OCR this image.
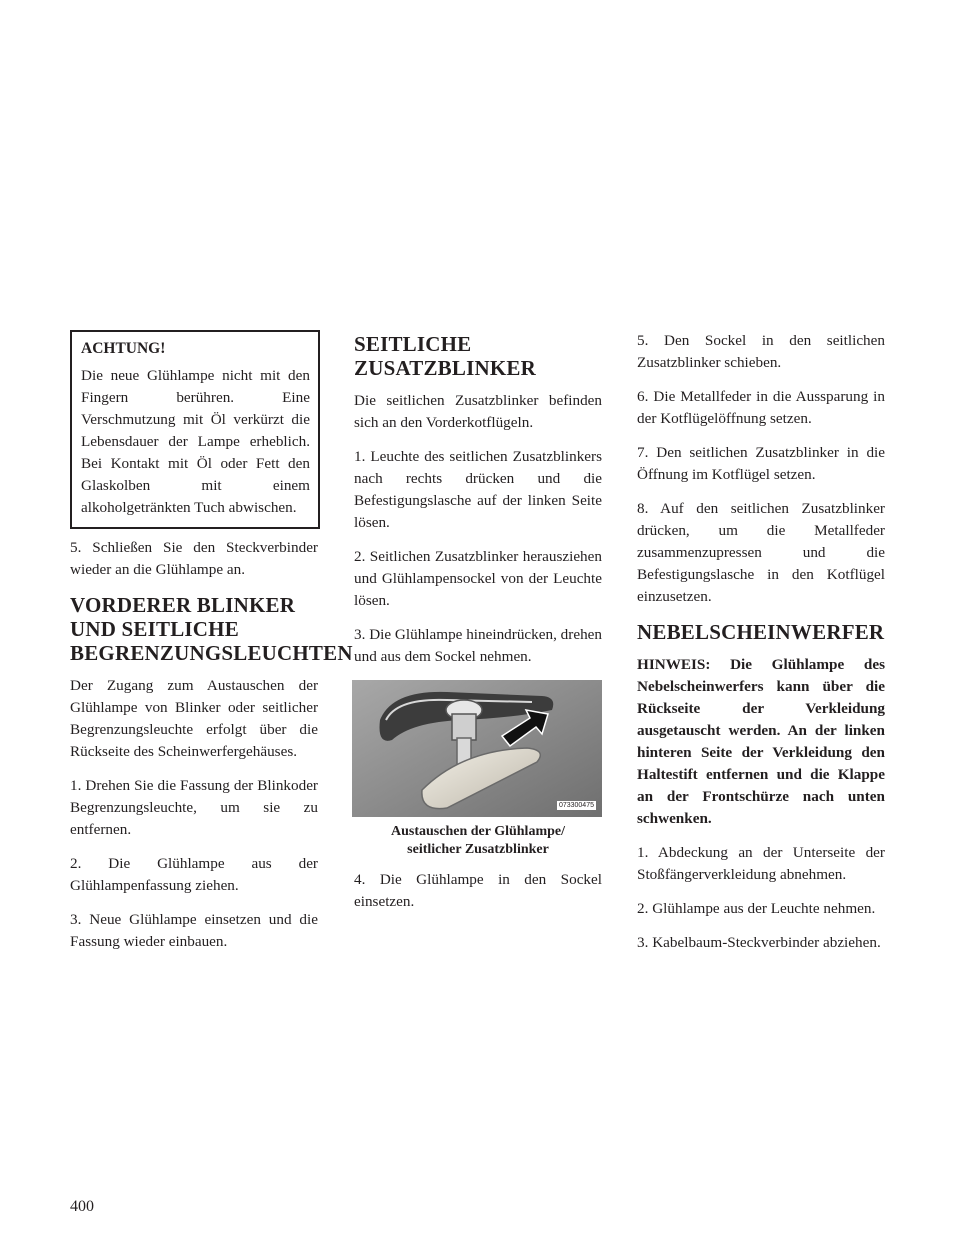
ACHTUNG!

Die neue Glühlampe nicht mit den Fingern berühren. Eine Verschmutzung mit Öl verkürzt die Lebensdauer der Lampe erheblich. Bei Kontakt mit Öl oder Fett den Glaskolben mit einem alkoholgetränkten Tuch abwischen.

5. Schließen Sie den Steckverbinder wieder an die Glühlampe an.

VORDERER BLINKER UND SEITLICHE BEGRENZUNGSLEUCHTEN

Der Zugang zum Austauschen der Glühlampe von Blinker oder seitlicher Begrenzungsleuchte erfolgt über die Rückseite des Scheinwerfergehäuses.

1. Drehen Sie die Fassung der Blinkoder Begrenzungsleuchte, um sie zu entfernen.

2. Die Glühlampe aus der Glühlampenfassung ziehen.

3. Neue Glühlampe einsetzen und die Fassung wieder einbauen.

SEITLICHE ZUSATZBLINKER

Die seitlichen Zusatzblinker befinden sich an den Vorderkotflügeln.

1. Leuchte des seitlichen Zusatzblinkers nach rechts drücken und die Befestigungslasche auf der linken Seite lösen.

2. Seitlichen Zusatzblinker herausziehen und Glühlampensockel von der Leuchte lösen.

3. Die Glühlampe hineindrücken, drehen und aus dem Sockel nehmen.

073300475
Austauschen der Glühlampe/
seitlicher Zusatzblinker

4. Die Glühlampe in den Sockel einsetzen.

5. Den Sockel in den seitlichen Zusatzblinker schieben.

6. Die Metallfeder in die Aussparung in der Kotflügelöffnung setzen.

7. Den seitlichen Zusatzblinker in die Öffnung im Kotflügel setzen.

8. Auf den seitlichen Zusatzblinker drücken, um die Metallfeder zusammenzupressen und die Befestigungslasche in den Kotflügel einzusetzen.

NEBELSCHEINWERFER

HINWEIS: Die Glühlampe des Nebelscheinwerfers kann über die Rückseite der Verkleidung ausgetauscht werden. An der linken hinteren Seite der Verkleidung den Haltestift entfernen und die Klappe an der Frontschürze nach unten schwenken.

1. Abdeckung an der Unterseite der Stoßfängerverkleidung abnehmen.

2. Glühlampe aus der Leuchte nehmen.

3. Kabelbaum-Steckverbinder abziehen.

400
